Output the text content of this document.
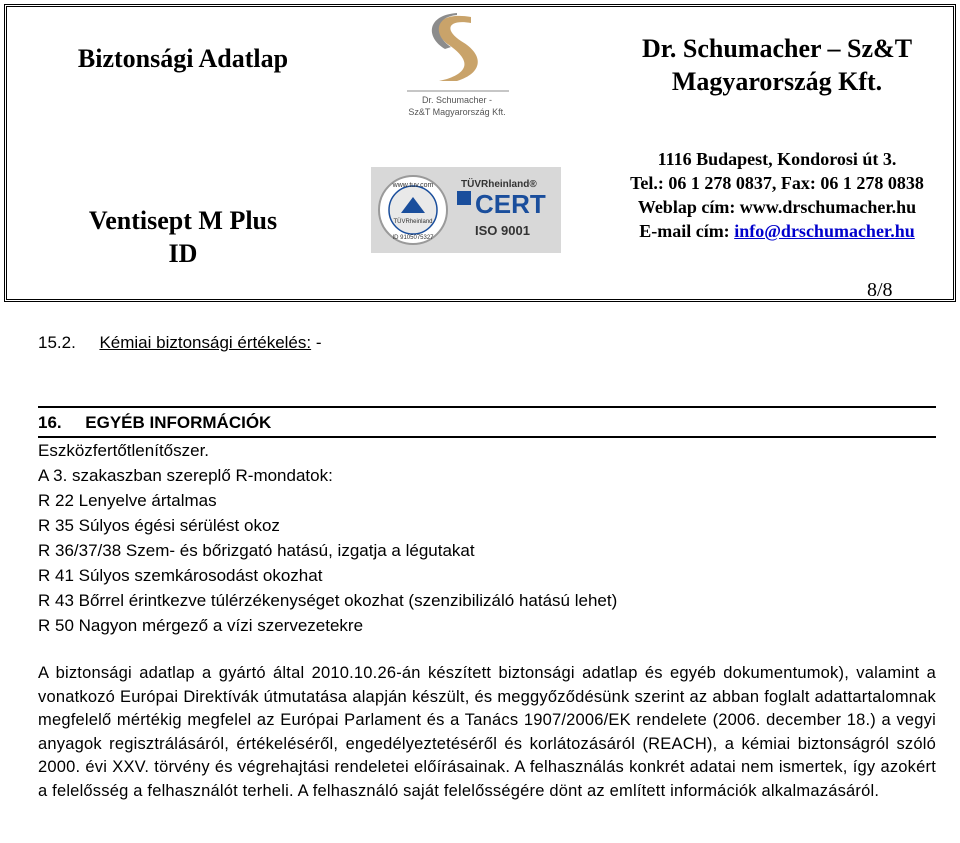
Biztonsági Adatlap	Dr. Schumacher – Sz&T
Magyarország Kft.
Dr. Schumacher -
Sz&T Magyarország Kft.
TÜVRheinland
www.tuv.com
ID 9105075327
TÜVRheinland®
CERT
ISO 9001
Ventisept M Plus
ID
1116 Budapest, Kondorosi út 3.
Tel.: 06 1 278 0837, Fax: 06 1 278 0838
Weblap cím: www.drschumacher.hu
E-mail cím: info@drschumacher.hu
8/8
15.2. Kémiai biztonsági értékelés: -
16. EGYÉB INFORMÁCIÓK
Eszközfertőtlenítőszer.
A 3. szakaszban szereplő R-mondatok:
R 22 Lenyelve ártalmas
R 35 Súlyos égési sérülést okoz
R 36/37/38 Szem- és bőrizgató hatású, izgatja a légutakat
R 41 Súlyos szemkárosodást okozhat
R 43 Bőrrel érintkezve túlérzékenységet okozhat (szenzibilizáló hatású lehet)
R 50 Nagyon mérgező a vízi szervezetekre
A biztonsági adatlap a gyártó által 2010.10.26-án készített biztonsági adatlap és egyéb dokumentumok), valamint a vonatkozó Európai Direktívák útmutatása alapján készült, és meggyőződésünk szerint az abban foglalt adattartalomnak megfelelő mértékig megfelel az Európai Parlament és a Tanács 1907/2006/EK rendelete (2006. december 18.) a vegyi anyagok regisztrálásáról, értékeléséről, engedélyeztetéséről és korlátozásáról (REACH), a kémiai biztonságról szóló 2000. évi XXV. törvény és végrehajtási rendeletei előírásainak. A felhasználás konkrét adatai nem ismertek, így azokért a felelősség a felhasználót terheli. A felhasználó saját felelősségére dönt az említett információk alkalmazásáról.
